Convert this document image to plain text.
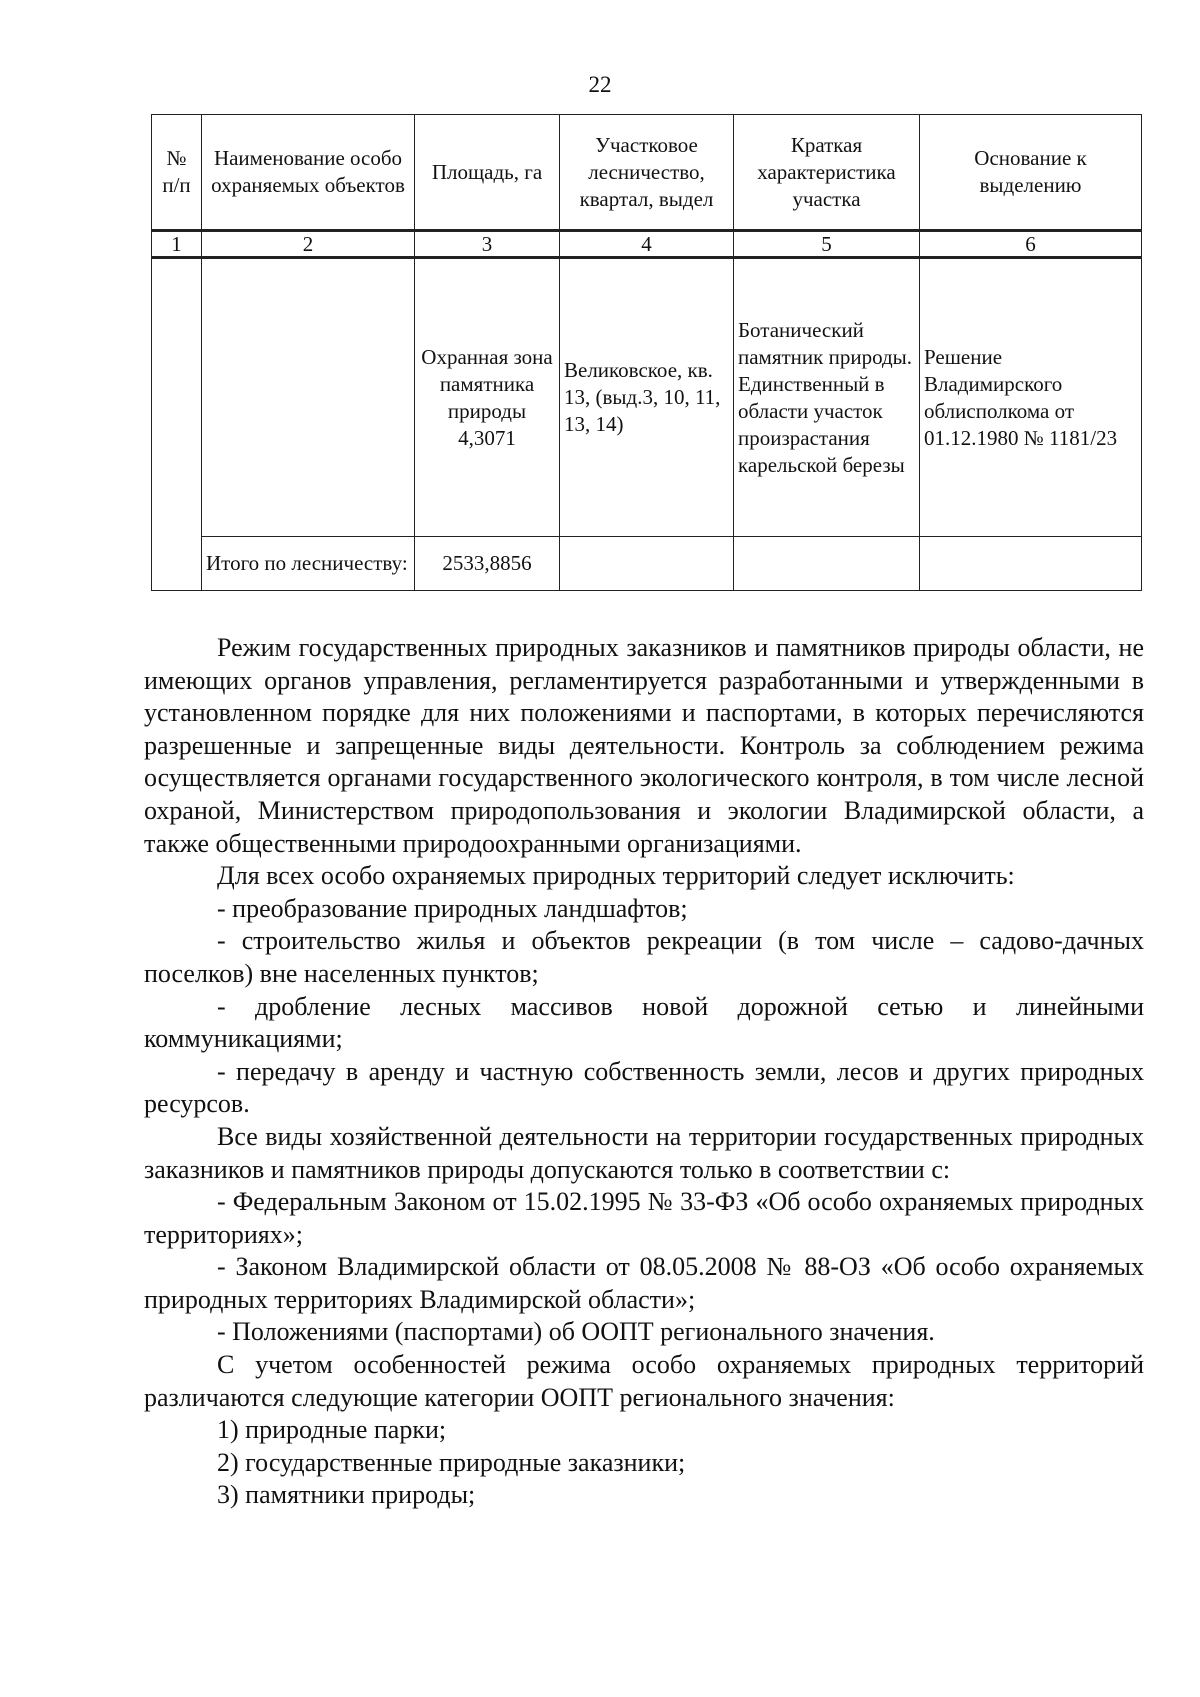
22
№ п/п	Наименование особо охраняемых объектов	Площадь, га	Участковое лесничество, квартал, выдел	Краткая характеристика участка	Основание к выделению
1	2	3	4	5	6
		Охранная зона памятника природы 4,3071	Великовское, кв. 13, (выд.3, 10, 11, 13, 14)	Ботанический памятник природы. Единственный в области участок произрастания карельской березы	Решение Владимирского облисполкома от 01.12.1980 № 1181/23
	Итого по лесничеству:	2533,8856			

Режим государственных природных заказников и памятников природы области, не имеющих органов управления, регламентируется разработанными и утвержденными в установленном порядке для них положениями и паспортами, в которых перечисляются разрешенные и запрещенные виды деятельности. Контроль за соблюдением режима осуществляется органами государственного экологического контроля, в том числе лесной охраной, Министерством природопользования и экологии Владимирской области, а также общественными природоохранными организациями.

Для всех особо охраняемых природных территорий следует исключить:

- преобразование природных ландшафтов;

- строительство жилья и объектов рекреации (в том числе – садово-дачных поселков) вне населенных пунктов;

- дробление лесных массивов новой дорожной сетью и линейными коммуникациями;

- передачу в аренду и частную собственность земли, лесов и других природных ресурсов.

Все виды хозяйственной деятельности на территории государственных природных заказников и памятников природы допускаются только в соответствии с:

- Федеральным Законом от 15.02.1995 № 33-ФЗ «Об особо охраняемых природных территориях»;

- Законом Владимирской области от 08.05.2008 № 88-ОЗ «Об особо охраняемых природных территориях Владимирской области»;

- Положениями (паспортами) об ООПТ регионального значения.

С учетом особенностей режима особо охраняемых природных территорий различаются следующие категории ООПТ регионального значения:

1) природные парки;

2) государственные природные заказники;

3) памятники природы;
